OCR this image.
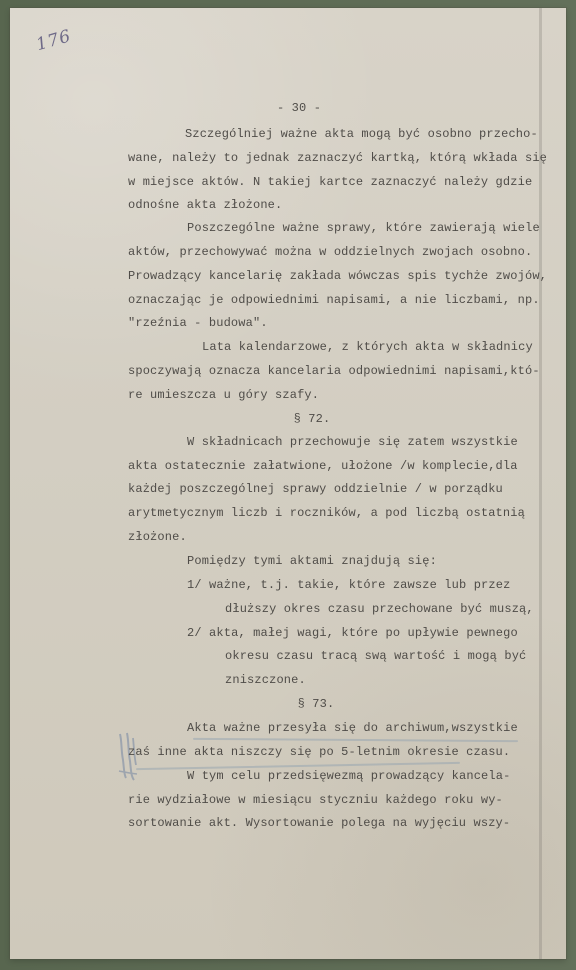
176
- 30 -
Szczególniej ważne akta mogą być osobno przecho-
wane, należy to jednak zaznaczyć kartką, którą wkłada się
w miejsce aktów. N takiej kartce zaznaczyć należy gdzie
odnośne akta złożone.
Poszczególne ważne sprawy, które zawierają wiele
aktów, przechowywać można w oddzielnych zwojach osobno.
Prowadzący kancelarię zakłada wówczas spis tychże zwojów,
oznaczając je odpowiednimi napisami, a nie liczbami, np.
"rzeźnia - budowa".
Lata kalendarzowe, z których akta w składnicy
spoczywają oznacza kancelaria odpowiednimi napisami,któ-
re umieszcza u góry szafy.
§ 72.
W składnicach przechowuje się zatem wszystkie
akta ostatecznie załatwione, ułożone /w komplecie,dla
każdej poszczególnej sprawy oddzielnie / w porządku
arytmetycznym liczb i roczników, a pod liczbą ostatnią
złożone.
Pomiędzy tymi aktami znajdują się:
1/ ważne, t.j. takie, które zawsze lub przez
dłuższy okres czasu przechowane być muszą,
2/ akta, małej wagi, które po upływie pewnego
okresu czasu tracą swą wartość i mogą być
zniszczone.
§ 73.
Akta ważne przesyła się do archiwum,wszystkie
zaś inne akta niszczy się po 5-letnim okresie czasu.
W tym celu przedsięwezmą prowadzący kancela-
rie wydziałowe w miesiącu styczniu każdego roku wy-
sortowanie akt. Wysortowanie polega na wyjęciu wszy-
